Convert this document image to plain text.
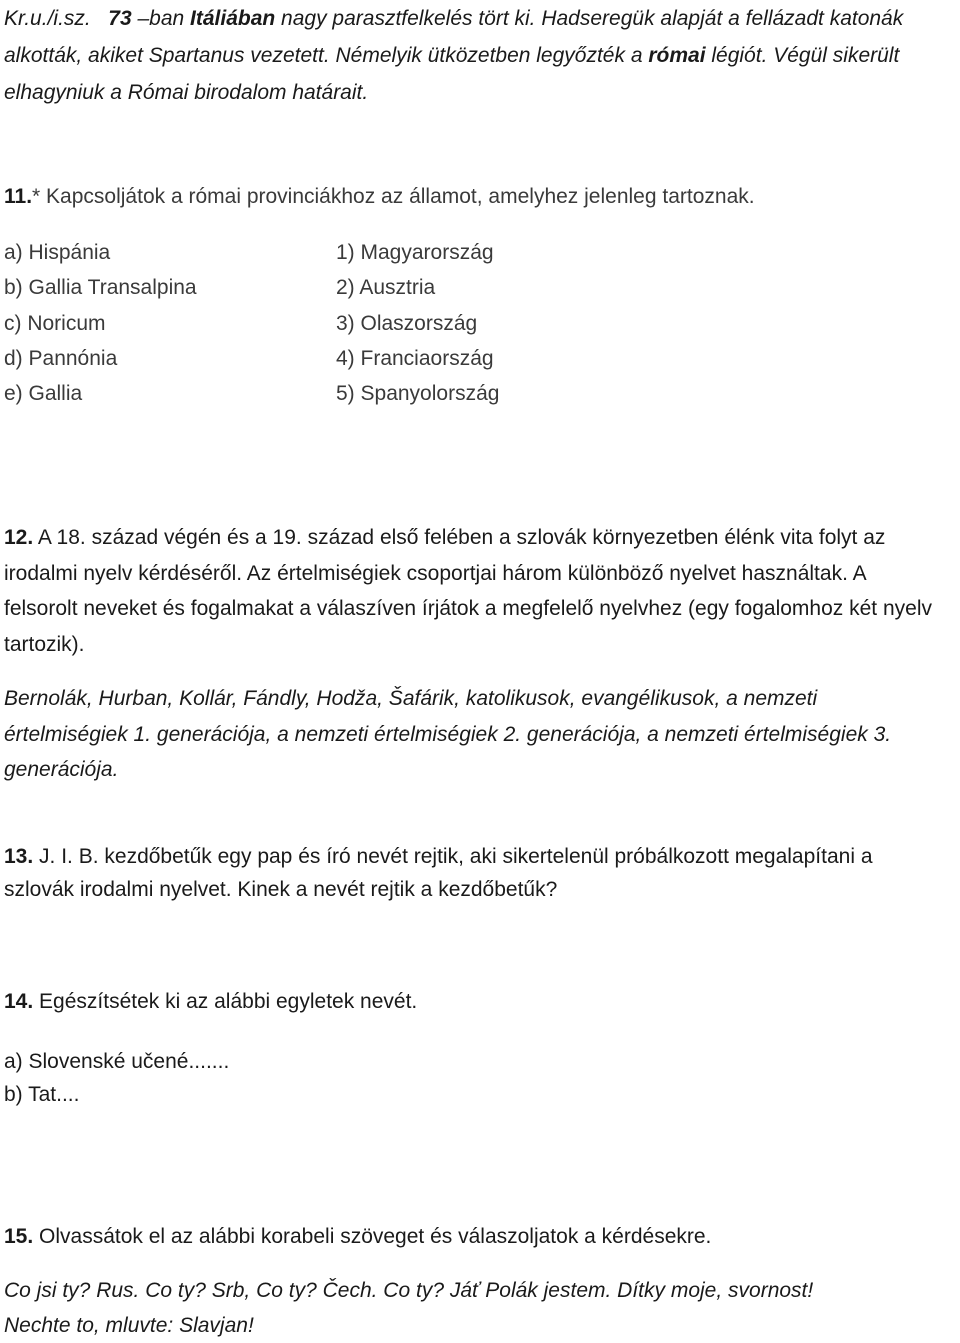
Kr.u./i.sz. 73 –ban Itáliában nagy parasztfelkelés tört ki. Hadseregük alapját a fellázadt katonák alkották, akiket Spartanus vezetett. Némelyik ütközetben legyőzték a római légiót. Végül sikerült elhagyniuk a Római birodalom határait.
11.* Kapcsoljátok a római provinciákhoz az államot, amelyhez jelenleg tartoznak.
a) Hispánia
b) Gallia Transalpina
c) Noricum
d) Pannónia
e) Gallia
1) Magyarország
2) Ausztria
3) Olaszország
4) Franciaország
5) Spanyolország
12. A 18. század végén és a 19. század első felében a szlovák környezetben élénk vita folyt az irodalmi nyelv kérdéséről. Az értelmiségiek csoportjai három különböző nyelvet használtak. A felsorolt neveket és fogalmakat a válaszíven írjátok a megfelelő nyelvhez (egy fogalomhoz két nyelv tartozik).
Bernolák, Hurban, Kollár, Fándly, Hodža, Šafárik, katolikusok, evangélikusok, a nemzeti értelmiségiek 1. generációja, a nemzeti értelmiségiek 2. generációja, a nemzeti értelmiségiek 3. generációja.
13. J. I. B. kezdőbetűk egy pap és író nevét rejtik, aki sikertelenül próbálkozott megalapítani a szlovák irodalmi nyelvet. Kinek a nevét rejtik a kezdőbetűk?
14. Egészítsétek ki az alábbi egyletek nevét.
a) Slovenské učené.......
b) Tat....
15. Olvassátok el az alábbi korabeli szöveget és válaszoljatok a kérdésekre.
Co jsi ty? Rus. Co ty? Srb, Co ty? Čech. Co ty? Jáť Polák jestem. Dítky moje, svornost!
Nechte to, mluvte: Slavjan!
